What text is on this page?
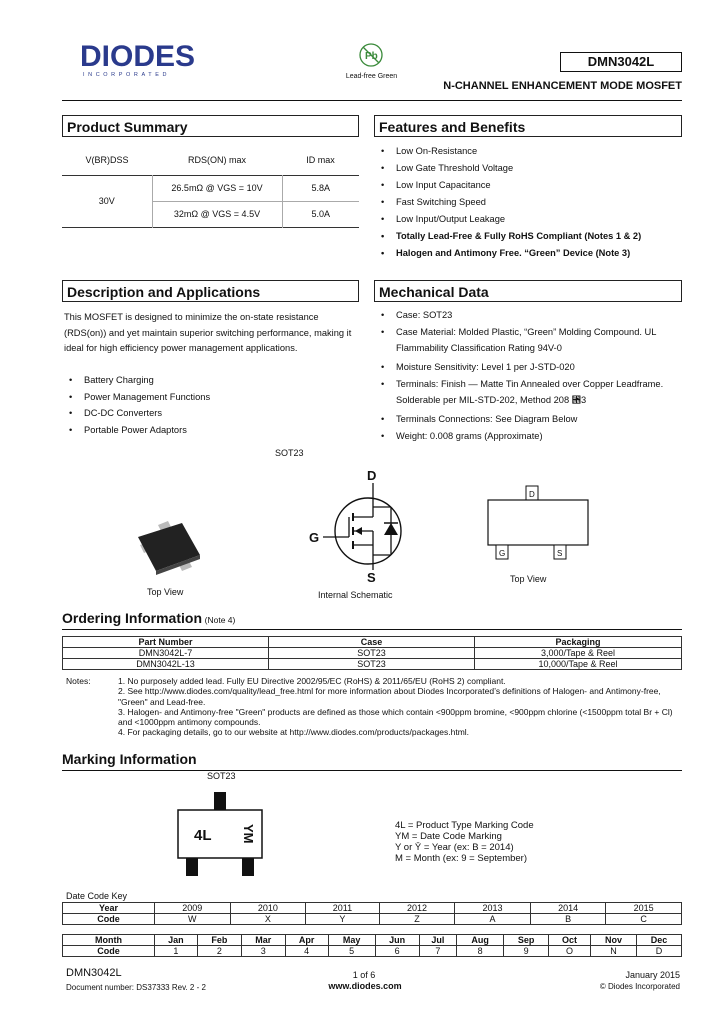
DIODES
INCORPORATED
Pb
Lead-free Green
DMN3042L
N-CHANNEL ENHANCEMENT MODE MOSFET
Product Summary
V(BR)DSS	RDS(ON) max	ID max
30V	26.5mΩ @ VGS = 10V	5.8A
	32mΩ @ VGS = 4.5V	5.0A
Features and Benefits
• Low On-Resistance
• Low Gate Threshold Voltage
• Low Input Capacitance
• Fast Switching Speed
• Low Input/Output Leakage
• Totally Lead-Free & Fully RoHS Compliant (Notes 1 & 2)
• Halogen and Antimony Free. “Green” Device (Note 3)
Description and Applications
This MOSFET is designed to minimize the on-state resistance (RDS(on)) and yet maintain superior switching performance, making it ideal for high efficiency power management applications.
• Battery Charging
• Power Management Functions
• DC-DC Converters
• Portable Power Adaptors
Mechanical Data
• Case: SOT23
• Case Material: Molded Plastic, “Green” Molding Compound. UL Flammability Classification Rating 94V-0
• Moisture Sensitivity: Level 1 per J-STD-020
• Terminals: Finish — Matte Tin Annealed over Copper Leadframe. Solderable per MIL-STD-202, Method 208 ⑕3
• Terminals Connections: See Diagram Below
• Weight: 0.008 grams (Approximate)
SOT23
Top View
D
G
S
Internal Schematic
D
G	S
Top View
Ordering Information (Note 4)
Part Number	Case	Packaging
DMN3042L-7	SOT23	3,000/Tape & Reel
DMN3042L-13	SOT23	10,000/Tape & Reel
Notes:	1. No purposely added lead. Fully EU Directive 2002/95/EC (RoHS) & 2011/65/EU (RoHS 2) compliant.
2. See http://www.diodes.com/quality/lead_free.html for more information about Diodes Incorporated’s definitions of Halogen- and Antimony-free, "Green" and Lead-free.
3. Halogen- and Antimony-free "Green" products are defined as those which contain <900ppm bromine, <900ppm chlorine (<1500ppm total Br + Cl) and <1000ppm antimony compounds.
4. For packaging details, go to our website at http://www.diodes.com/products/packages.html.
Marking Information
SOT23
4L YM	4L = Product Type Marking Code
YM = Date Code Marking
Y or Ȳ = Year (ex: B = 2014)
M = Month (ex: 9 = September)
Date Code Key
Year	2009	2010	2011	2012	2013	2014	2015
Code	W	X	Y	Z	A	B	C
Month	Jan	Feb	Mar	Apr	May	Jun	Jul	Aug	Sep	Oct	Nov	Dec
Code	1	2	3	4	5	6	7	8	9	O	N	D
DMN3042L
Document number: DS37333 Rev. 2 - 2
1 of 6
www.diodes.com
January 2015
© Diodes Incorporated
